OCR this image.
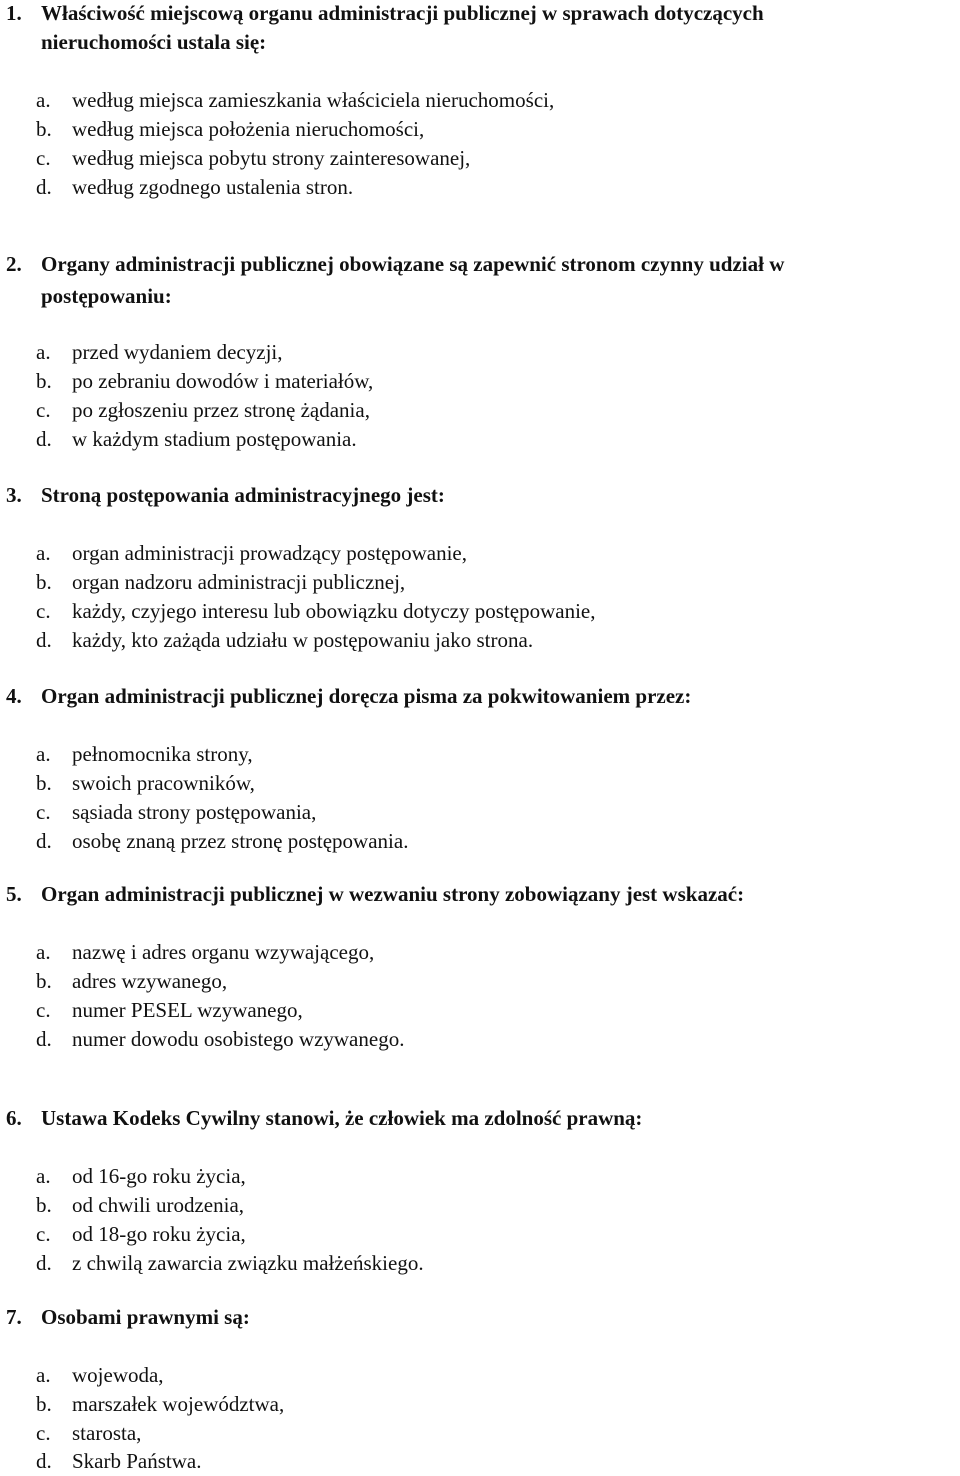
1. Właściwość miejscową organu administracji publicznej w sprawach dotyczących
nieruchomości ustala się:
a. według miejsca zamieszkania właściciela nieruchomości,
b. według miejsca położenia nieruchomości,
c. według miejsca pobytu strony zainteresowanej,
d. według zgodnego ustalenia stron.
2. Organy administracji publicznej obowiązane są zapewnić stronom czynny udział w
postępowaniu:
a. przed wydaniem decyzji,
b. po zebraniu dowodów i materiałów,
c. po zgłoszeniu przez stronę żądania,
d. w każdym stadium postępowania.
3. Stroną postępowania administracyjnego jest:
a. organ administracji prowadzący postępowanie,
b. organ nadzoru administracji publicznej,
c. każdy, czyjego interesu lub obowiązku dotyczy postępowanie,
d. każdy, kto zażąda udziału w postępowaniu jako strona.
4. Organ administracji publicznej doręcza pisma za pokwitowaniem przez:
a. pełnomocnika strony,
b. swoich pracowników,
c. sąsiada strony postępowania,
d. osobę znaną przez stronę postępowania.
5. Organ administracji publicznej w wezwaniu strony zobowiązany jest wskazać:
a. nazwę i adres organu wzywającego,
b. adres wzywanego,
c. numer PESEL wzywanego,
d. numer dowodu osobistego wzywanego.
6. Ustawa Kodeks Cywilny stanowi, że człowiek ma zdolność prawną:
a. od 16-go roku życia,
b. od chwili urodzenia,
c. od 18-go roku życia,
d. z chwilą zawarcia związku małżeńskiego.
7. Osobami prawnymi są:
a. wojewoda,
b. marszałek województwa,
c. starosta,
d. Skarb Państwa.
